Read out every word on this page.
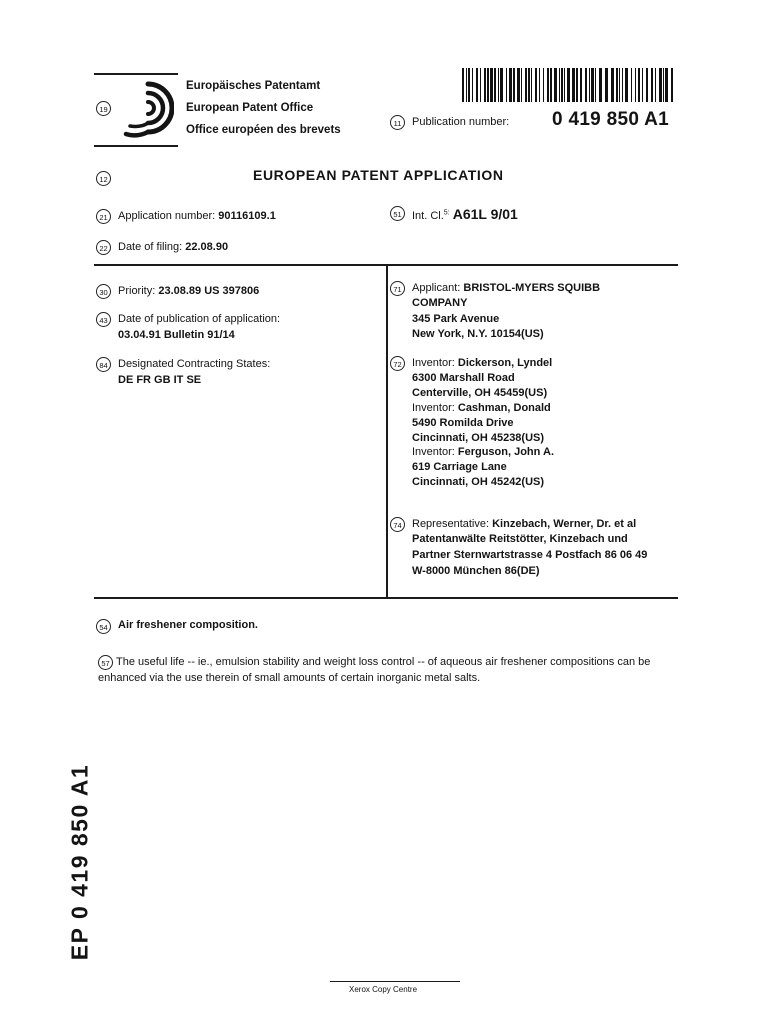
19
Europäisches Patentamt
European Patent Office
Office européen des brevets
11 Publication number: 0 419 850 A1
12	EUROPEAN PATENT APPLICATION
21 Application number: 90116109.1	51 Int. Cl.$^{5:}$ A61L 9/01
22 Date of filing: 22.08.90
30 Priority: 23.08.89 US 397806
43 Date of publication of application:
03.04.91 Bulletin 91/14
84 Designated Contracting States:
DE FR GB IT SE
71 Applicant: BRISTOL-MYERS SQUIBB
COMPANY
345 Park Avenue
New York, N.Y. 10154(US)
72 Inventor: Dickerson, Lyndel
6300 Marshall Road
Centerville, OH 45459(US)
Inventor: Cashman, Donald
5490 Romilda Drive
Cincinnati, OH 45238(US)
Inventor: Ferguson, John A.
619 Carriage Lane
Cincinnati, OH 45242(US)
74 Representative: Kinzebach, Werner, Dr. et al
Patentanwälte Reitstötter, Kinzebach und
Partner Sternwartstrasse 4 Postfach 86 06 49
W-8000 München 86(DE)
54 Air freshener composition.
57 The useful life -- ie., emulsion stability and weight loss control -- of aqueous air freshener compositions can be enhanced via the use therein of small amounts of certain inorganic metal salts.
EP 0 419 850 A1
Xerox Copy Centre
